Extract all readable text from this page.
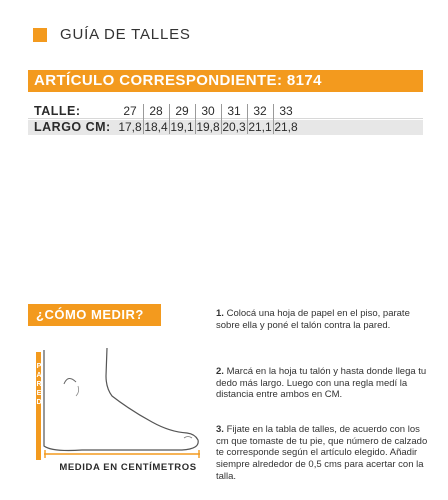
GUÍA DE TALLES
ARTÍCULO CORRESPONDIENTE: 8174
TALLE:	27	28	29	30	31	32	33
LARGO CM: 17,8 18,4 19,1 19,8 20,3 21,1 21,8
¿CÓMO MEDIR?
P
A
R
E
D
MEDIDA EN CENTÍMETROS
1. Colocá una hoja de papel en el piso, parate sobre ella y poné el talón contra la pared.
2. Marcá en la hoja tu talón y hasta donde llega tu dedo más largo. Luego con una regla medí la distancia entre ambos en CM.
3. Fijate en la tabla de talles, de acuerdo con los cm que tomaste de tu pie, que número de calzado te corresponde según el artículo elegido. Añadir siempre alrededor de 0,5 cms para acertar con la talla.
